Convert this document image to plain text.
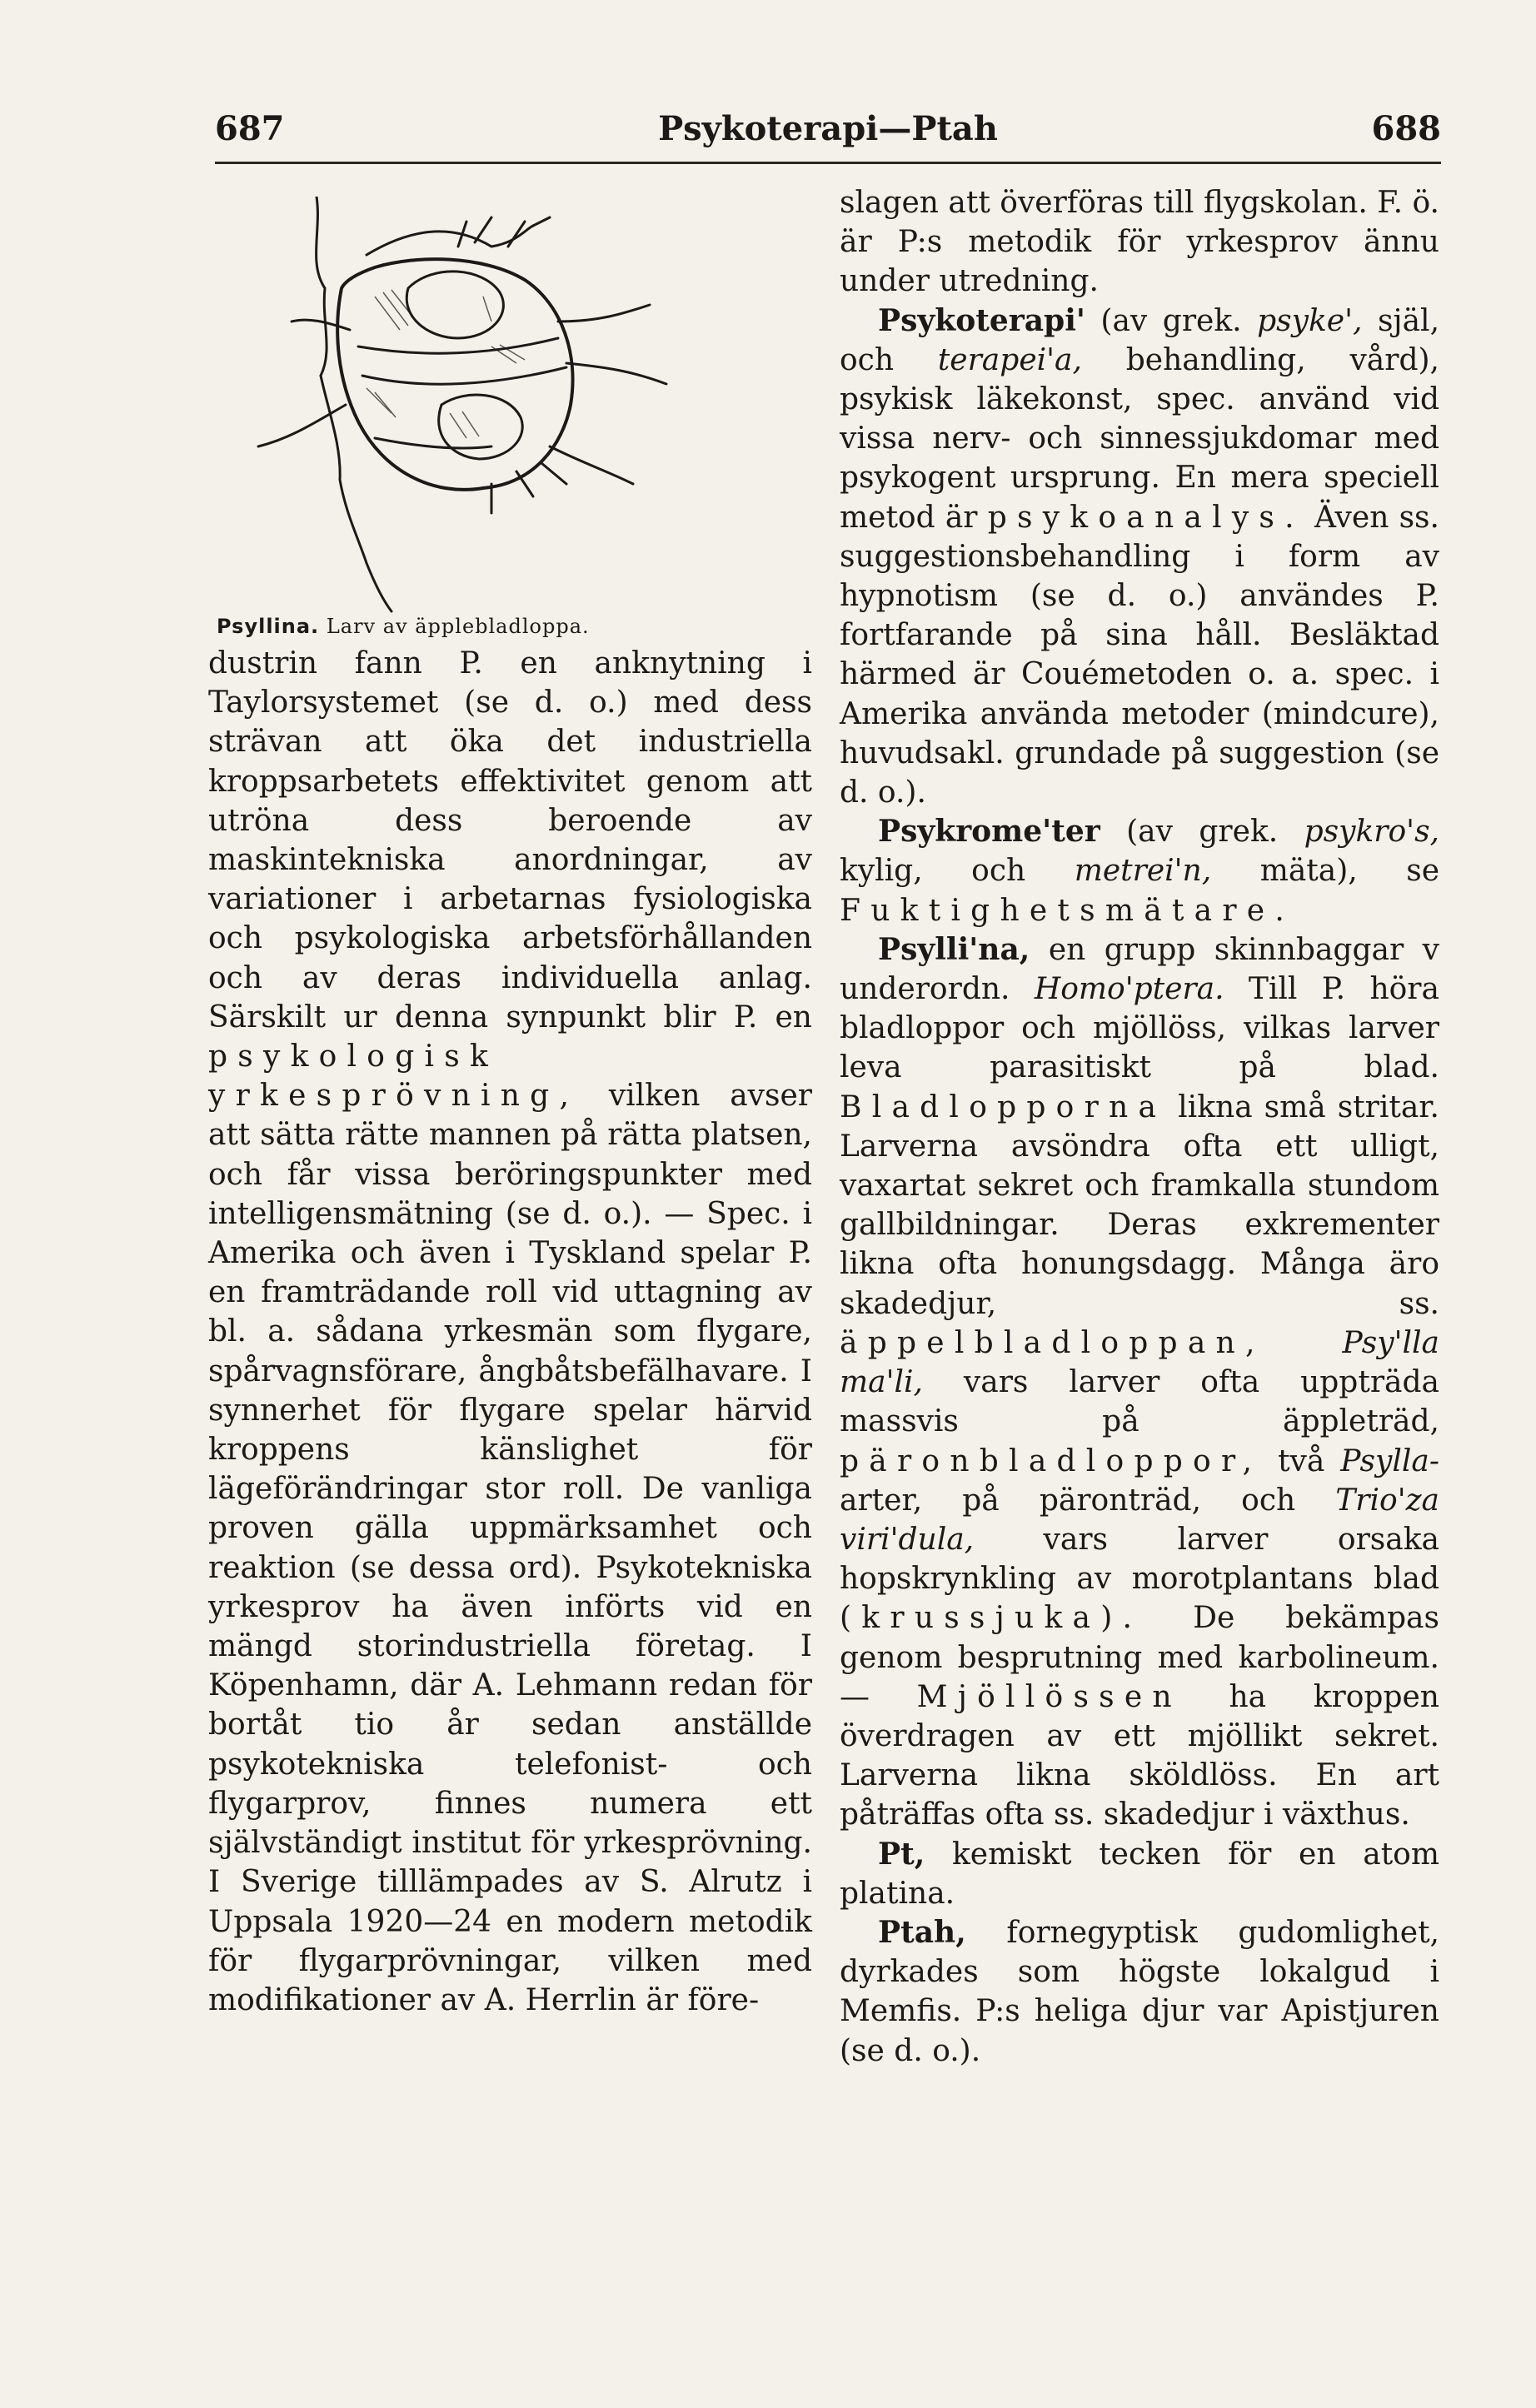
687	Psykoterapi—Ptah	688
Psyllina. Larv av äpplebladloppa.

dustrin fann P. en anknytning i Taylorsystemet (se d. o.) med dess strävan att öka det industriella kroppsarbetets effektivitet genom att utröna dess beroende av maskintekniska anordningar, av variationer i arbetarnas fysiologiska och psykologiska arbetsförhållanden och av deras individuella anlag. Särskilt ur denna synpunkt blir P. en psykologisk yrkesprövning, vilken avser att sätta rätte mannen på rätta platsen, och får vissa beröringspunkter med intelligensmätning (se d. o.). — Spec. i Amerika och även i Tyskland spelar P. en framträdande roll vid uttagning av bl. a. sådana yrkesmän som flygare, spårvagnsförare, ångbåtsbefälhavare. I synnerhet för flygare spelar härvid kroppens känslighet för lägeförändringar stor roll. De vanliga proven gälla uppmärksamhet och reaktion (se dessa ord). Psykotekniska yrkesprov ha även införts vid en mängd storindustriella företag. I Köpenhamn, där A. Lehmann redan för bortåt tio år sedan anställde psykotekniska telefonist- och flygarprov, finnes numera ett självständigt institut för yrkesprövning. I Sverige tilllämpades av S. Alrutz i Uppsala 1920—24 en modern metodik för flygarprövningar, vilken med modifikationer av A. Herrlin är före-

slagen att överföras till flygskolan. F. ö. är P:s metodik för yrkesprov ännu under utredning.

Psykoterapi' (av grek. psyke', själ, och terapei'a, behandling, vård), psykisk läkekonst, spec. använd vid vissa nerv- och sinnessjukdomar med psykogent ursprung. En mera speciell metod är psykoanalys. Även ss. suggestionsbehandling i form av hypnotism (se d. o.) användes P. fortfarande på sina håll. Besläktad härmed är Couémetoden o. a. spec. i Amerika använda metoder (mindcure), huvudsakl. grundade på suggestion (se d. o.).

Psykrome'ter (av grek. psykro's, kylig, och metrei'n, mäta), se Fuktighetsmätare.

Psylli'na, en grupp skinnbaggar v underordn. Homo'ptera. Till P. höra bladloppor och mjöllöss, vilkas larver leva parasitiskt på blad. Bladlopporna likna små stritar. Larverna avsöndra ofta ett ulligt, vaxartat sekret och framkalla stundom gallbildningar. Deras exkrementer likna ofta honungsdagg. Många äro skadedjur, ss. äppelbladloppan,	Psy'lla ma'li, vars larver ofta uppträda massvis på äppleträd, päronbladloppor, två Psylla- arter, på päronträd, och Trio'za viri'dula, vars larver orsaka hopskrynkling av morotplantans blad (krussjuka). De bekämpas genom besprutning med karbolineum. — Mjöllössen ha kroppen överdragen av ett mjöllikt sekret. Larverna likna sköldlöss. En art påträffas ofta ss. skadedjur i växthus.

Pt, kemiskt tecken för en atom platina.

Ptah, fornegyptisk gudomlighet, dyrkades som högste lokalgud i Memfis. P:s heliga djur var Apistjuren (se d. o.).
